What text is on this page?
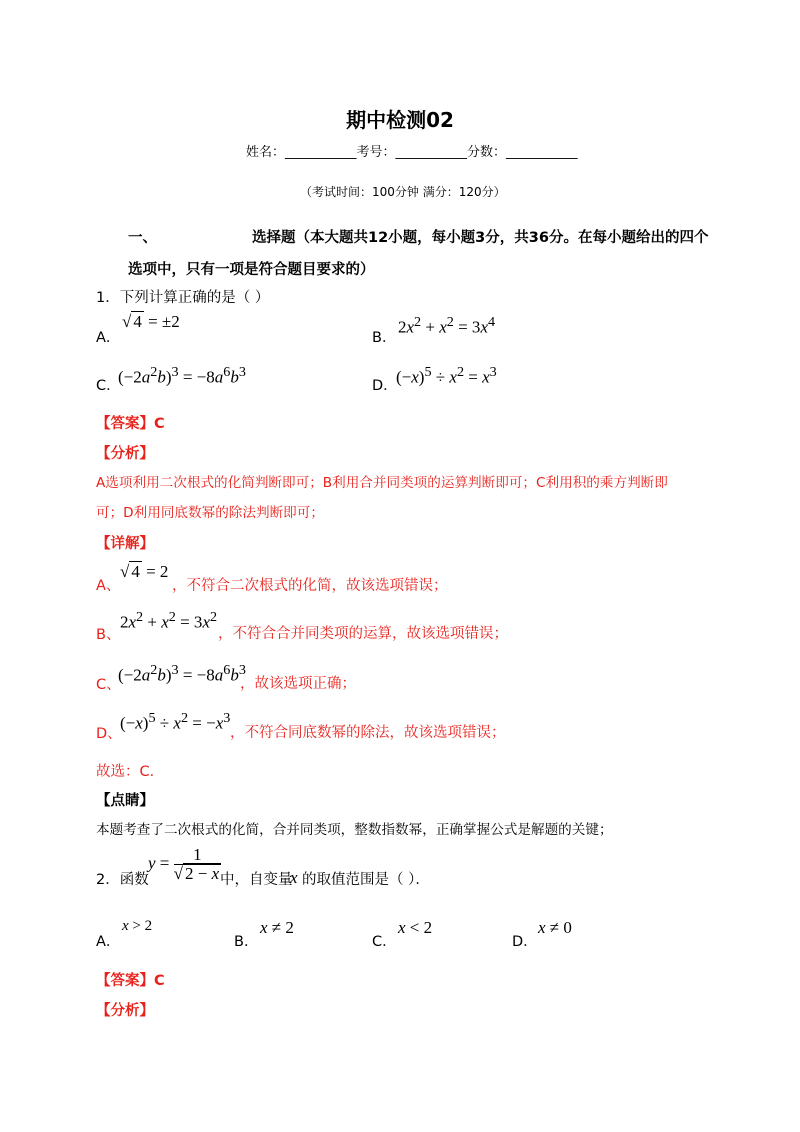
期中检测02
姓名：___________考号：___________分数：___________
（考试时间：100分钟 满分：120分）
一、	选择题（本大题共12小题，每小题3分，共36分。在每小题给出的四个
选项中，只有一项是符合题目要求的）
1．下列计算正确的是（ ）
A．
√ 4 = ±2
B．
$2x^2 + x^2 = 3x^4$
C．
$(-2a^2b)^3 = -8a^6b^3$
D．
$(-x)^5 \div x^2 = x^3$
【答案】C
【分析】
A选项利用二次根式的化简判断即可；B利用合并同类项的运算判断即可；C利用积的乘方判断即
可；D利用同底数幂的除法判断即可；
【详解】
A、
√ 4 = 2
，不符合二次根式的化简，故该选项错误；
B、
$2x^2 + x^2 = 3x^2$
，不符合合并同类项的运算，故该选项错误；
C、
$(-2a^2b)^3 = -8a^6b^3$
，故该选项正确；
D、
$(-x)^5 \div x^2 = -x^3$
，不符合同底数幂的除法，故该选项错误；
故选：C．
【点睛】
本题考查了二次根式的化简，合并同类项，整数指数幂，正确掌握公式是解题的关键；
2．函数
$y = \frac{1}{√ 2 - x}$
中，自变量
x 的取值范围是（ ）．
A．
x > 2
B．
x ≠ 2
C．
x < 2
D．
x ≠ 0
【答案】C
【分析】
